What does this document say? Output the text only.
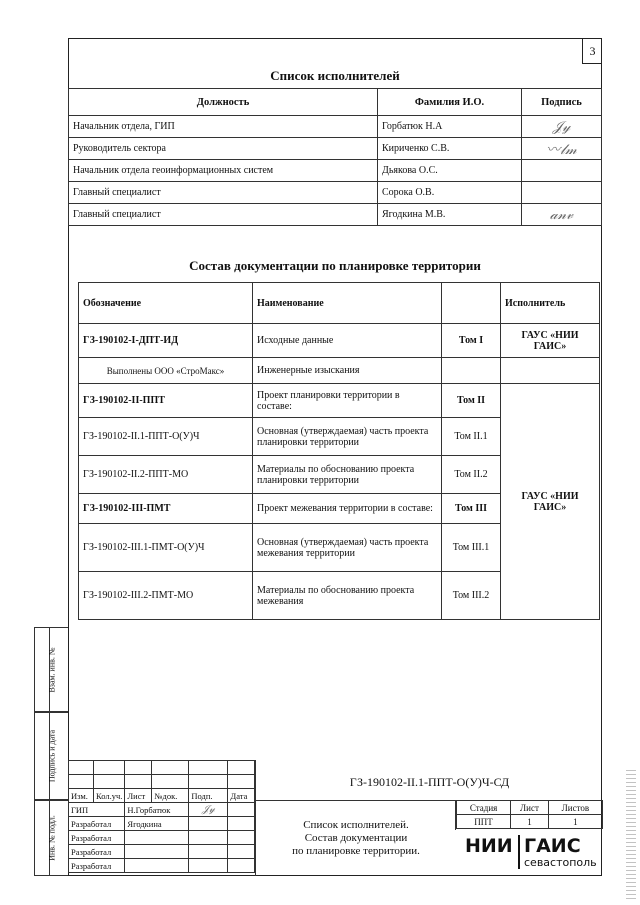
3
Список исполнителей
Должность	Фамилия И.О.	Подпись
Начальник отдела, ГИП	Горбатюк Н.А	𝒥𝓎
Руководитель сектора	Кириченко С.В.	〰𝓁𝓂
Начальник отдела геоинформационных систем	Дьякова О.С.	
Главный специалист	Сорока О.В.	
Главный специалист	Ягодкина М.В.	𝒶𝓃𝓋
Состав документации по планировке территории
Обозначение	Наименование		Исполнитель
ГЗ-190102-I-ДПТ-ИД	Исходные данные	Том I	ГАУС «НИИ ГАИС»
Выполнены ООО «СтроМакс»	Инженерные изыскания		
ГЗ-190102-II-ППТ	Проект планировки территории в составе:	Том II	ГАУС «НИИ ГАИС»
ГЗ-190102-II.1-ППТ-О(У)Ч	Основная (утверждаемая) часть проекта планировки территории	Том II.1	
ГЗ-190102-II.2-ППТ-МО	Материалы по обоснованию проекта планировки территории	Том II.2	
ГЗ-190102-III-ПМТ	Проект межевания территории в составе:	Том III	
ГЗ-190102-III.1-ПМТ-О(У)Ч	Основная (утверждаемая) часть проекта межевания территории	Том III.1	
ГЗ-190102-III.2-ПМТ-МО	Материалы по обоснованию проекта межевания	Том III.2	
Взам. инв. №
Подпись и дата
Инв. № подл.

Изм.	Кол.уч.	Лист	№док.	Подп.	Дата
ГИП		Н.Горбатюк		𝒥𝓎	
Разработал		Ягодкина			
Разработал					
Разработал					
Разработал					
ГЗ-190102-II.1-ППТ-О(У)Ч-СД
Список исполнителей.
Состав документации
по планировке территории.
Стадия	Лист	Листов
ППТ	1	1
НИИ ГАИС
севастополь
